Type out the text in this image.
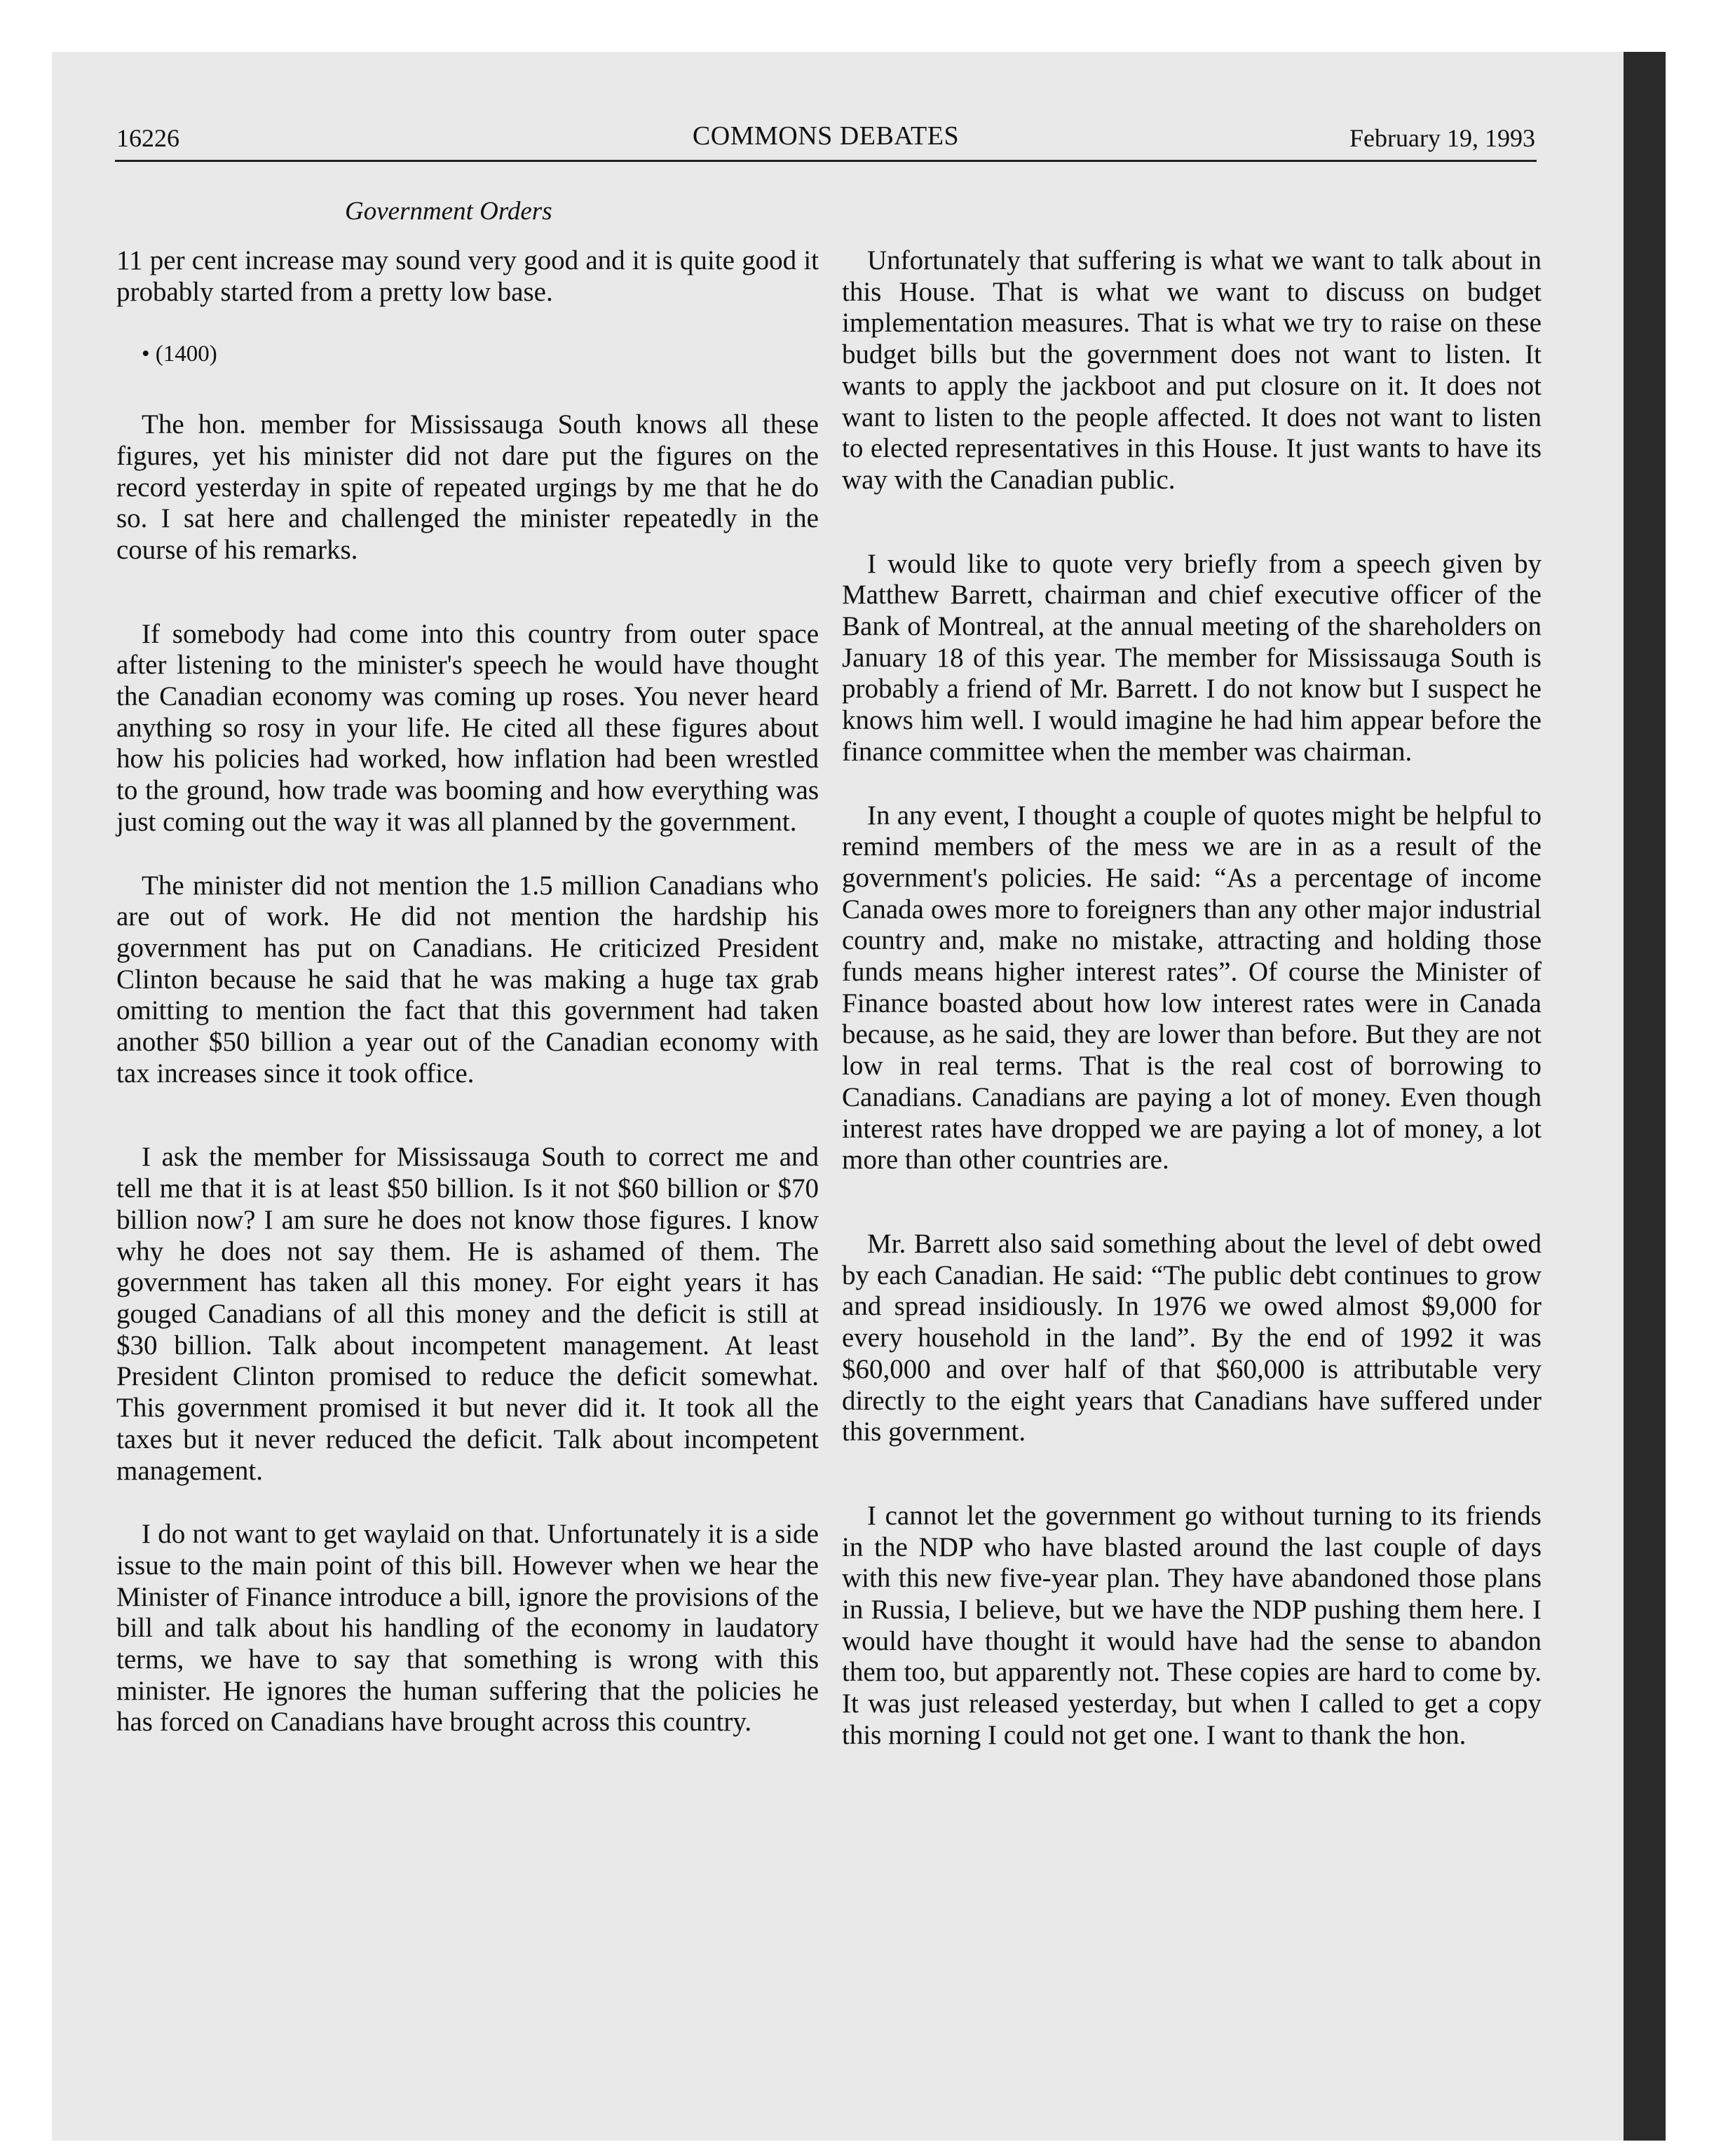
16226	COMMONS DEBATES	February 19, 1993
Government Orders

11 per cent increase may sound very good and it is quite good it probably started from a pretty low base.

• (1400)

The hon. member for Mississauga South knows all these figures, yet his minister did not dare put the figures on the record yesterday in spite of repeated urgings by me that he do so. I sat here and challenged the minister repeatedly in the course of his remarks.

If somebody had come into this country from outer space after listening to the minister's speech he would have thought the Canadian economy was coming up roses. You never heard anything so rosy in your life. He cited all these figures about how his policies had worked, how inflation had been wrestled to the ground, how trade was booming and how everything was just coming out the way it was all planned by the government.

The minister did not mention the 1.5 million Canadians who are out of work. He did not mention the hardship his government has put on Canadians. He criticized President Clinton because he said that he was making a huge tax grab omitting to mention the fact that this government had taken another $50 billion a year out of the Canadian economy with tax increases since it took office.

I ask the member for Mississauga South to correct me and tell me that it is at least $50 billion. Is it not $60 billion or $70 billion now? I am sure he does not know those figures. I know why he does not say them. He is ashamed of them. The government has taken all this money. For eight years it has gouged Canadians of all this money and the deficit is still at $30 billion. Talk about incompetent management. At least President Clinton promised to reduce the deficit somewhat. This government promised it but never did it. It took all the taxes but it never reduced the deficit. Talk about incompetent management.

I do not want to get waylaid on that. Unfortunately it is a side issue to the main point of this bill. However when we hear the Minister of Finance introduce a bill, ignore the provisions of the bill and talk about his handling of the economy in laudatory terms, we have to say that something is wrong with this minister. He ignores the human suffering that the policies he has forced on Canadians have brought across this country.

Unfortunately that suffering is what we want to talk about in this House. That is what we want to discuss on budget implementation measures. That is what we try to raise on these budget bills but the government does not want to listen. It wants to apply the jackboot and put closure on it. It does not want to listen to the people affected. It does not want to listen to elected representatives in this House. It just wants to have its way with the Canadian public.

I would like to quote very briefly from a speech given by Matthew Barrett, chairman and chief executive officer of the Bank of Montreal, at the annual meeting of the shareholders on January 18 of this year. The member for Mississauga South is probably a friend of Mr. Barrett. I do not know but I suspect he knows him well. I would imagine he had him appear before the finance committee when the member was chairman.

In any event, I thought a couple of quotes might be helpful to remind members of the mess we are in as a result of the government's policies. He said: “As a percentage of income Canada owes more to foreigners than any other major industrial country and, make no mistake, attracting and holding those funds means higher interest rates”. Of course the Minister of Finance boasted about how low interest rates were in Canada because, as he said, they are lower than before. But they are not low in real terms. That is the real cost of borrowing to Canadians. Canadians are paying a lot of money. Even though interest rates have dropped we are paying a lot of money, a lot more than other countries are.

Mr. Barrett also said something about the level of debt owed by each Canadian. He said: “The public debt continues to grow and spread insidiously. In 1976 we owed almost $9,000 for every household in the land”. By the end of 1992 it was $60,000 and over half of that $60,000 is attributable very directly to the eight years that Canadians have suffered under this government.

I cannot let the government go without turning to its friends in the NDP who have blasted around the last couple of days with this new five-year plan. They have abandoned those plans in Russia, I believe, but we have the NDP pushing them here. I would have thought it would have had the sense to abandon them too, but apparently not. These copies are hard to come by. It was just released yesterday, but when I called to get a copy this morning I could not get one. I want to thank the hon.
